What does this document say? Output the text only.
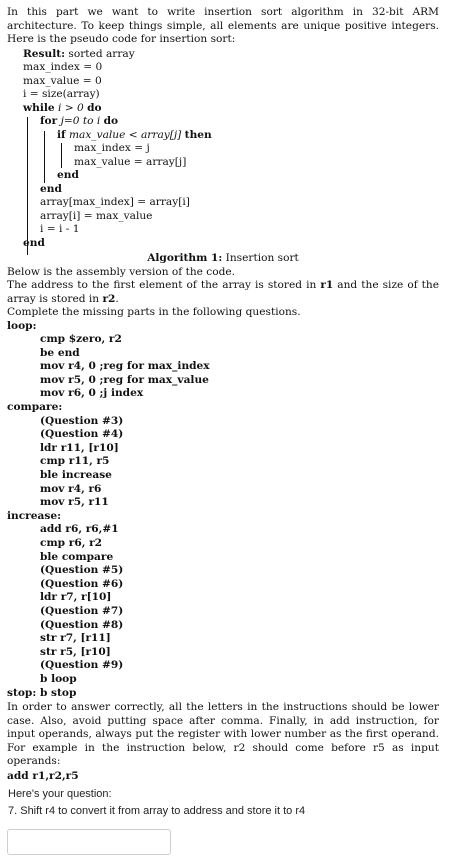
In this part we want to write insertion sort algorithm in 32-bit ARM architecture. To keep things simple, all elements are unique positive integers. Here is the pseudo code for insertion sort:

Result: sorted array
max_index = 0
max_value = 0
i = size(array)
while i > 0 do
for j=0 to i do
if max_value < array[j] then
max_index = j
max_value = array[j]
end
end
array[max_index] = array[i]
array[i] = max_value
i = i - 1
end
Algorithm 1: Insertion sort
Below is the assembly version of the code.
The address to the first element of the array is stored in r1 and the size of the array is stored in r2.
Complete the missing parts in the following questions.
loop:
cmp $zero, r2
be end
mov r4, 0 ;reg for max_index
mov r5, 0 ;reg for max_value
mov r6, 0 ;j index
compare:
(Question #3)
(Question #4)
ldr r11, [r10]
cmp r11, r5
ble increase
mov r4, r6
mov r5, r11
increase:
add r6, r6,#1
cmp r6, r2
ble compare
(Question #5)
(Question #6)
ldr r7, r[10]
(Question #7)
(Question #8)
str r7, [r11]
str r5, [r10]
(Question #9)
b loop
stop: b stop

In order to answer correctly, all the letters in the instructions should be lower case. Also, avoid putting space after comma. Finally, in add instruction, for input operands, always put the register with lower number as the first operand. For example in the instruction below, r2 should come before r5 as input operands:

add r1,r2,r5
Here's your question:
7. Shift r4 to convert it from array to address and store it to r4
